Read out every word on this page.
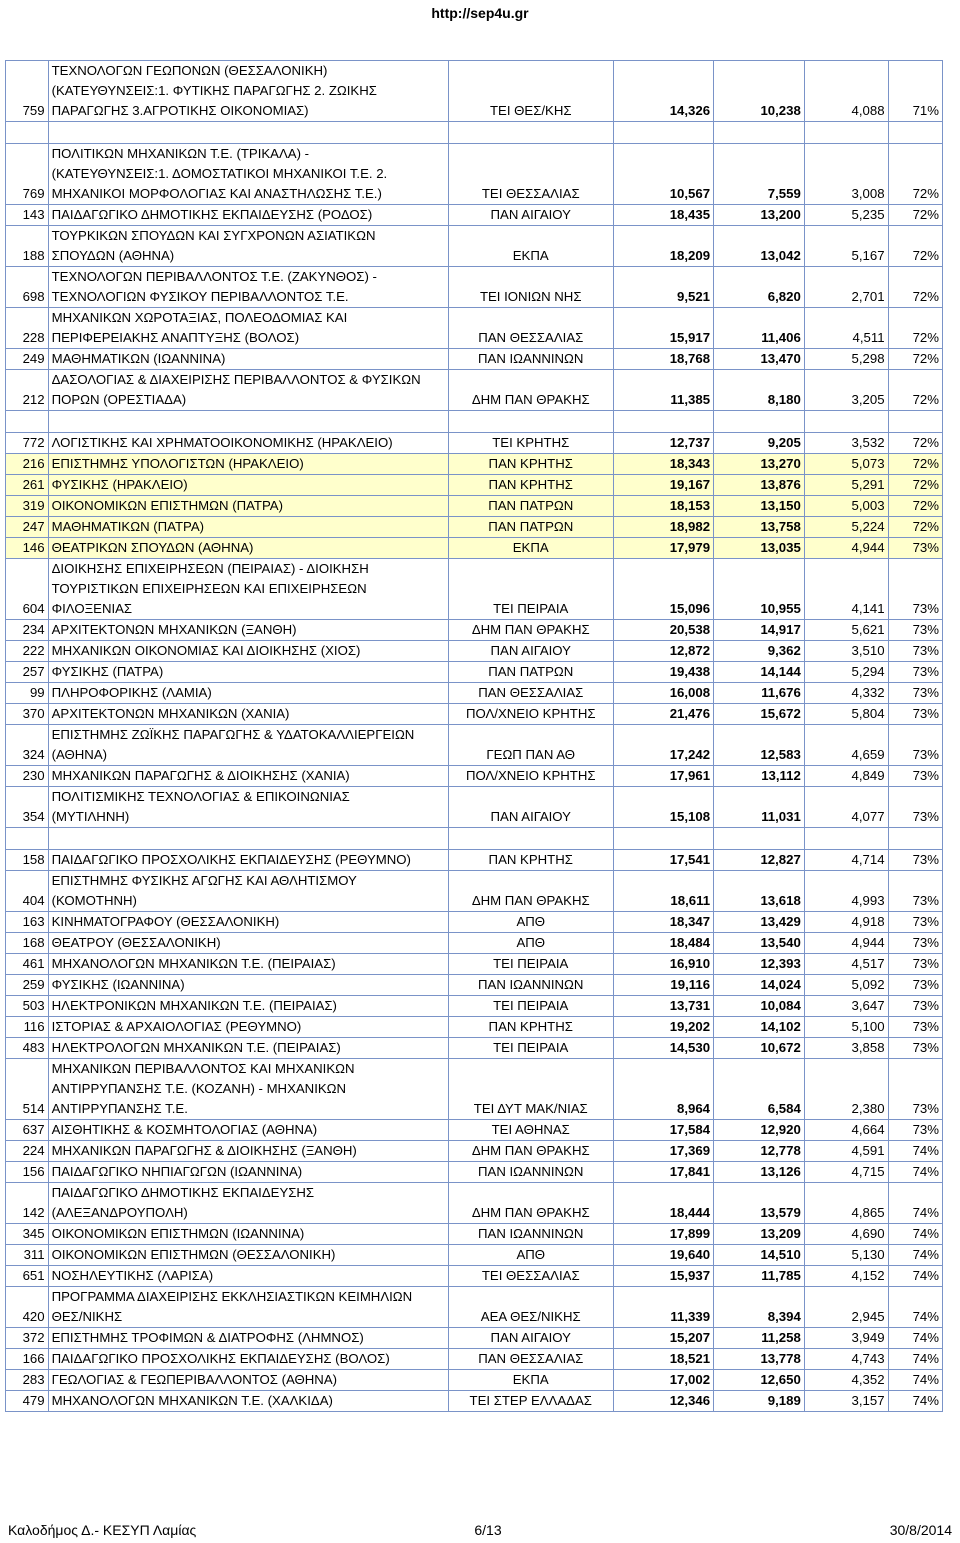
http://sep4u.gr
759	ΤΕΧΝΟΛΟΓΩΝ ΓΕΩΠΟΝΩΝ (ΘΕΣΣΑΛΟΝΙΚΗ)
(ΚΑΤΕΥΘΥΝΣΕΙΣ:1. ΦΥΤΙΚΗΣ ΠΑΡΑΓΩΓΗΣ 2. ΖΩΙΚΗΣ
ΠΑΡΑΓΩΓΗΣ 3.ΑΓΡΟΤΙΚΗΣ ΟΙΚΟΝΟΜΙΑΣ)	ΤΕΙ ΘΕΣ/ΚΗΣ	14,326	10,238	4,088	71%

769	ΠΟΛΙΤΙΚΩΝ ΜΗΧΑΝΙΚΩΝ Τ.Ε. (ΤΡΙΚΑΛΑ) -
(ΚΑΤΕΥΘΥΝΣΕΙΣ:1. ΔΟΜΟΣΤΑΤΙΚΟΙ ΜΗΧΑΝΙΚΟΙ Τ.Ε. 2.
ΜΗΧΑΝΙΚΟΙ ΜΟΡΦΟΛΟΓΙΑΣ ΚΑΙ ΑΝΑΣΤΗΛΩΣΗΣ Τ.Ε.)	ΤΕΙ ΘΕΣΣΑΛΙΑΣ	10,567	7,559	3,008	72%
143	ΠΑΙΔΑΓΩΓΙΚΟ ΔΗΜΟΤΙΚΗΣ ΕΚΠΑΙΔΕΥΣΗΣ (ΡΟΔΟΣ)	ΠΑΝ ΑΙΓΑΙΟΥ	18,435	13,200	5,235	72%
188	ΤΟΥΡΚΙΚΩΝ ΣΠΟΥΔΩΝ ΚΑΙ ΣΥΓΧΡΟΝΩΝ ΑΣΙΑΤΙΚΩΝ
ΣΠΟΥΔΩΝ (ΑΘΗΝΑ)	ΕΚΠΑ	18,209	13,042	5,167	72%
698	ΤΕΧΝΟΛΟΓΩΝ ΠΕΡΙΒΑΛΛΟΝΤΟΣ Τ.Ε. (ΖΑΚΥΝΘΟΣ) -
ΤΕΧΝΟΛΟΓΙΩΝ ΦΥΣΙΚΟΥ ΠΕΡΙΒΑΛΛΟΝΤΟΣ Τ.Ε.	ΤΕΙ ΙΟΝΙΩΝ ΝΗΣ	9,521	6,820	2,701	72%
228	ΜΗΧΑΝΙΚΩΝ ΧΩΡΟΤΑΞΙΑΣ, ΠΟΛΕΟΔΟΜΙΑΣ ΚΑΙ
ΠΕΡΙΦΕΡΕΙΑΚΗΣ ΑΝΑΠΤΥΞΗΣ (ΒΟΛΟΣ)	ΠΑΝ ΘΕΣΣΑΛΙΑΣ	15,917	11,406	4,511	72%
249	ΜΑΘΗΜΑΤΙΚΩΝ (ΙΩΑΝΝΙΝΑ)	ΠΑΝ ΙΩΑΝΝΙΝΩΝ	18,768	13,470	5,298	72%
212	ΔΑΣΟΛΟΓΙΑΣ & ΔΙΑΧΕΙΡΙΣΗΣ ΠΕΡΙΒΑΛΛΟΝΤΟΣ & ΦΥΣΙΚΩΝ
ΠΟΡΩΝ (ΟΡΕΣΤΙΑΔΑ)	ΔΗΜ ΠΑΝ ΘΡΑΚΗΣ	11,385	8,180	3,205	72%

772	ΛΟΓΙΣΤΙΚΗΣ ΚΑΙ ΧΡΗΜΑΤΟΟΙΚΟΝΟΜΙΚΗΣ (ΗΡΑΚΛΕΙΟ)	ΤΕΙ ΚΡΗΤΗΣ	12,737	9,205	3,532	72%
216	ΕΠΙΣΤΗΜΗΣ ΥΠΟΛΟΓΙΣΤΩΝ (ΗΡΑΚΛΕΙΟ)	ΠΑΝ ΚΡΗΤΗΣ	18,343	13,270	5,073	72%
261	ΦΥΣΙΚΗΣ (ΗΡΑΚΛΕΙΟ)	ΠΑΝ ΚΡΗΤΗΣ	19,167	13,876	5,291	72%
319	ΟΙΚΟΝΟΜΙΚΩΝ ΕΠΙΣΤΗΜΩΝ (ΠΑΤΡΑ)	ΠΑΝ ΠΑΤΡΩΝ	18,153	13,150	5,003	72%
247	ΜΑΘΗΜΑΤΙΚΩΝ (ΠΑΤΡΑ)	ΠΑΝ ΠΑΤΡΩΝ	18,982	13,758	5,224	72%
146	ΘΕΑΤΡΙΚΩΝ ΣΠΟΥΔΩΝ (ΑΘΗΝΑ)	ΕΚΠΑ	17,979	13,035	4,944	73%
604	ΔΙΟΙΚΗΣΗΣ ΕΠΙΧΕΙΡΗΣΕΩΝ (ΠΕΙΡΑΙΑΣ) - ΔΙΟΙΚΗΣΗ
ΤΟΥΡΙΣΤΙΚΩΝ ΕΠΙΧΕΙΡΗΣΕΩΝ ΚΑΙ ΕΠΙΧΕΙΡΗΣΕΩΝ
ΦΙΛΟΞΕΝΙΑΣ	ΤΕΙ ΠΕΙΡΑΙΑ	15,096	10,955	4,141	73%
234	ΑΡΧΙΤΕΚΤΟΝΩΝ ΜΗΧΑΝΙΚΩΝ (ΞΑΝΘΗ)	ΔΗΜ ΠΑΝ ΘΡΑΚΗΣ	20,538	14,917	5,621	73%
222	ΜΗΧΑΝΙΚΩΝ ΟΙΚΟΝΟΜΙΑΣ ΚΑΙ ΔΙΟΙΚΗΣΗΣ (ΧΙΟΣ)	ΠΑΝ ΑΙΓΑΙΟΥ	12,872	9,362	3,510	73%
257	ΦΥΣΙΚΗΣ (ΠΑΤΡΑ)	ΠΑΝ ΠΑΤΡΩΝ	19,438	14,144	5,294	73%
99	ΠΛΗΡΟΦΟΡΙΚΗΣ (ΛΑΜΙΑ)	ΠΑΝ ΘΕΣΣΑΛΙΑΣ	16,008	11,676	4,332	73%
370	ΑΡΧΙΤΕΚΤΟΝΩΝ ΜΗΧΑΝΙΚΩΝ (ΧΑΝΙΑ)	ΠΟΛ/ΧΝΕΙΟ ΚΡΗΤΗΣ	21,476	15,672	5,804	73%
324	ΕΠΙΣΤΗΜΗΣ ΖΩΪΚΗΣ ΠΑΡΑΓΩΓΗΣ & ΥΔΑΤΟΚΑΛΛΙΕΡΓΕΙΩΝ
(ΑΘΗΝΑ)	ΓΕΩΠ ΠΑΝ ΑΘ	17,242	12,583	4,659	73%
230	ΜΗΧΑΝΙΚΩΝ ΠΑΡΑΓΩΓΗΣ & ΔΙΟΙΚΗΣΗΣ (ΧΑΝΙΑ)	ΠΟΛ/ΧΝΕΙΟ ΚΡΗΤΗΣ	17,961	13,112	4,849	73%
354	ΠΟΛΙΤΙΣΜΙΚΗΣ ΤΕΧΝΟΛΟΓΙΑΣ & ΕΠΙΚΟΙΝΩΝΙΑΣ
(ΜΥΤΙΛΗΝΗ)	ΠΑΝ ΑΙΓΑΙΟΥ	15,108	11,031	4,077	73%

158	ΠΑΙΔΑΓΩΓΙΚΟ ΠΡΟΣΧΟΛΙΚΗΣ ΕΚΠΑΙΔΕΥΣΗΣ (ΡΕΘΥΜΝΟ)	ΠΑΝ ΚΡΗΤΗΣ	17,541	12,827	4,714	73%
404	ΕΠΙΣΤΗΜΗΣ ΦΥΣΙΚΗΣ ΑΓΩΓΗΣ ΚΑΙ ΑΘΛΗΤΙΣΜΟΥ
(ΚΟΜΟΤΗΝΗ)	ΔΗΜ ΠΑΝ ΘΡΑΚΗΣ	18,611	13,618	4,993	73%
163	ΚΙΝΗΜΑΤΟΓΡΑΦΟΥ (ΘΕΣΣΑΛΟΝΙΚΗ)	ΑΠΘ	18,347	13,429	4,918	73%
168	ΘΕΑΤΡΟΥ (ΘΕΣΣΑΛΟΝΙΚΗ)	ΑΠΘ	18,484	13,540	4,944	73%
461	ΜΗΧΑΝΟΛΟΓΩΝ ΜΗΧΑΝΙΚΩΝ Τ.Ε. (ΠΕΙΡΑΙΑΣ)	ΤΕΙ ΠΕΙΡΑΙΑ	16,910	12,393	4,517	73%
259	ΦΥΣΙΚΗΣ (ΙΩΑΝΝΙΝΑ)	ΠΑΝ ΙΩΑΝΝΙΝΩΝ	19,116	14,024	5,092	73%
503	ΗΛΕΚΤΡΟΝΙΚΩΝ ΜΗΧΑΝΙΚΩΝ Τ.Ε. (ΠΕΙΡΑΙΑΣ)	ΤΕΙ ΠΕΙΡΑΙΑ	13,731	10,084	3,647	73%
116	ΙΣΤΟΡΙΑΣ & ΑΡΧΑΙΟΛΟΓΙΑΣ (ΡΕΘΥΜΝΟ)	ΠΑΝ ΚΡΗΤΗΣ	19,202	14,102	5,100	73%
483	ΗΛΕΚΤΡΟΛΟΓΩΝ ΜΗΧΑΝΙΚΩΝ Τ.Ε. (ΠΕΙΡΑΙΑΣ)	ΤΕΙ ΠΕΙΡΑΙΑ	14,530	10,672	3,858	73%
514	ΜΗΧΑΝΙΚΩΝ ΠΕΡΙΒΑΛΛΟΝΤΟΣ ΚΑΙ ΜΗΧΑΝΙΚΩΝ
ΑΝΤΙΡΡΥΠΑΝΣΗΣ Τ.Ε. (ΚΟΖΑΝΗ) - ΜΗΧΑΝΙΚΩΝ
ΑΝΤΙΡΡΥΠΑΝΣΗΣ Τ.Ε.	ΤΕΙ ΔΥΤ ΜΑΚ/ΝΙΑΣ	8,964	6,584	2,380	73%
637	ΑΙΣΘΗΤΙΚΗΣ & ΚΟΣΜΗΤΟΛΟΓΙΑΣ (ΑΘΗΝΑ)	ΤΕΙ ΑΘΗΝΑΣ	17,584	12,920	4,664	73%
224	ΜΗΧΑΝΙΚΩΝ ΠΑΡΑΓΩΓΗΣ & ΔΙΟΙΚΗΣΗΣ (ΞΑΝΘΗ)	ΔΗΜ ΠΑΝ ΘΡΑΚΗΣ	17,369	12,778	4,591	74%
156	ΠΑΙΔΑΓΩΓΙΚΟ ΝΗΠΙΑΓΩΓΩΝ (ΙΩΑΝΝΙΝΑ)	ΠΑΝ ΙΩΑΝΝΙΝΩΝ	17,841	13,126	4,715	74%
142	ΠΑΙΔΑΓΩΓΙΚΟ ΔΗΜΟΤΙΚΗΣ ΕΚΠΑΙΔΕΥΣΗΣ
(ΑΛΕΞΑΝΔΡΟΥΠΟΛΗ)	ΔΗΜ ΠΑΝ ΘΡΑΚΗΣ	18,444	13,579	4,865	74%
345	ΟΙΚΟΝΟΜΙΚΩΝ ΕΠΙΣΤΗΜΩΝ (ΙΩΑΝΝΙΝΑ)	ΠΑΝ ΙΩΑΝΝΙΝΩΝ	17,899	13,209	4,690	74%
311	ΟΙΚΟΝΟΜΙΚΩΝ ΕΠΙΣΤΗΜΩΝ (ΘΕΣΣΑΛΟΝΙΚΗ)	ΑΠΘ	19,640	14,510	5,130	74%
651	ΝΟΣΗΛΕΥΤΙΚΗΣ (ΛΑΡΙΣΑ)	ΤΕΙ ΘΕΣΣΑΛΙΑΣ	15,937	11,785	4,152	74%
420	ΠΡΟΓΡΑΜΜΑ ΔΙΑΧΕΙΡΙΣΗΣ ΕΚΚΛΗΣΙΑΣΤΙΚΩΝ ΚΕΙΜΗΛΙΩΝ
ΘΕΣ/ΝΙΚΗΣ	ΑΕΑ ΘΕΣ/ΝΙΚΗΣ	11,339	8,394	2,945	74%
372	ΕΠΙΣΤΗΜΗΣ ΤΡΟΦΙΜΩΝ & ΔΙΑΤΡΟΦΗΣ (ΛΗΜΝΟΣ)	ΠΑΝ ΑΙΓΑΙΟΥ	15,207	11,258	3,949	74%
166	ΠΑΙΔΑΓΩΓΙΚΟ ΠΡΟΣΧΟΛΙΚΗΣ ΕΚΠΑΙΔΕΥΣΗΣ (ΒΟΛΟΣ)	ΠΑΝ ΘΕΣΣΑΛΙΑΣ	18,521	13,778	4,743	74%
283	ΓΕΩΛΟΓΙΑΣ & ΓΕΩΠΕΡΙΒΑΛΛΟΝΤΟΣ (ΑΘΗΝΑ)	ΕΚΠΑ	17,002	12,650	4,352	74%
479	ΜΗΧΑΝΟΛΟΓΩΝ ΜΗΧΑΝΙΚΩΝ Τ.Ε. (ΧΑΛΚΙΔΑ)	ΤΕΙ ΣΤΕΡ ΕΛΛΑΔΑΣ	12,346	9,189	3,157	74%
Καλοδήμος Δ.- ΚΕΣΥΠ Λαμίας	6/13	30/8/2014
